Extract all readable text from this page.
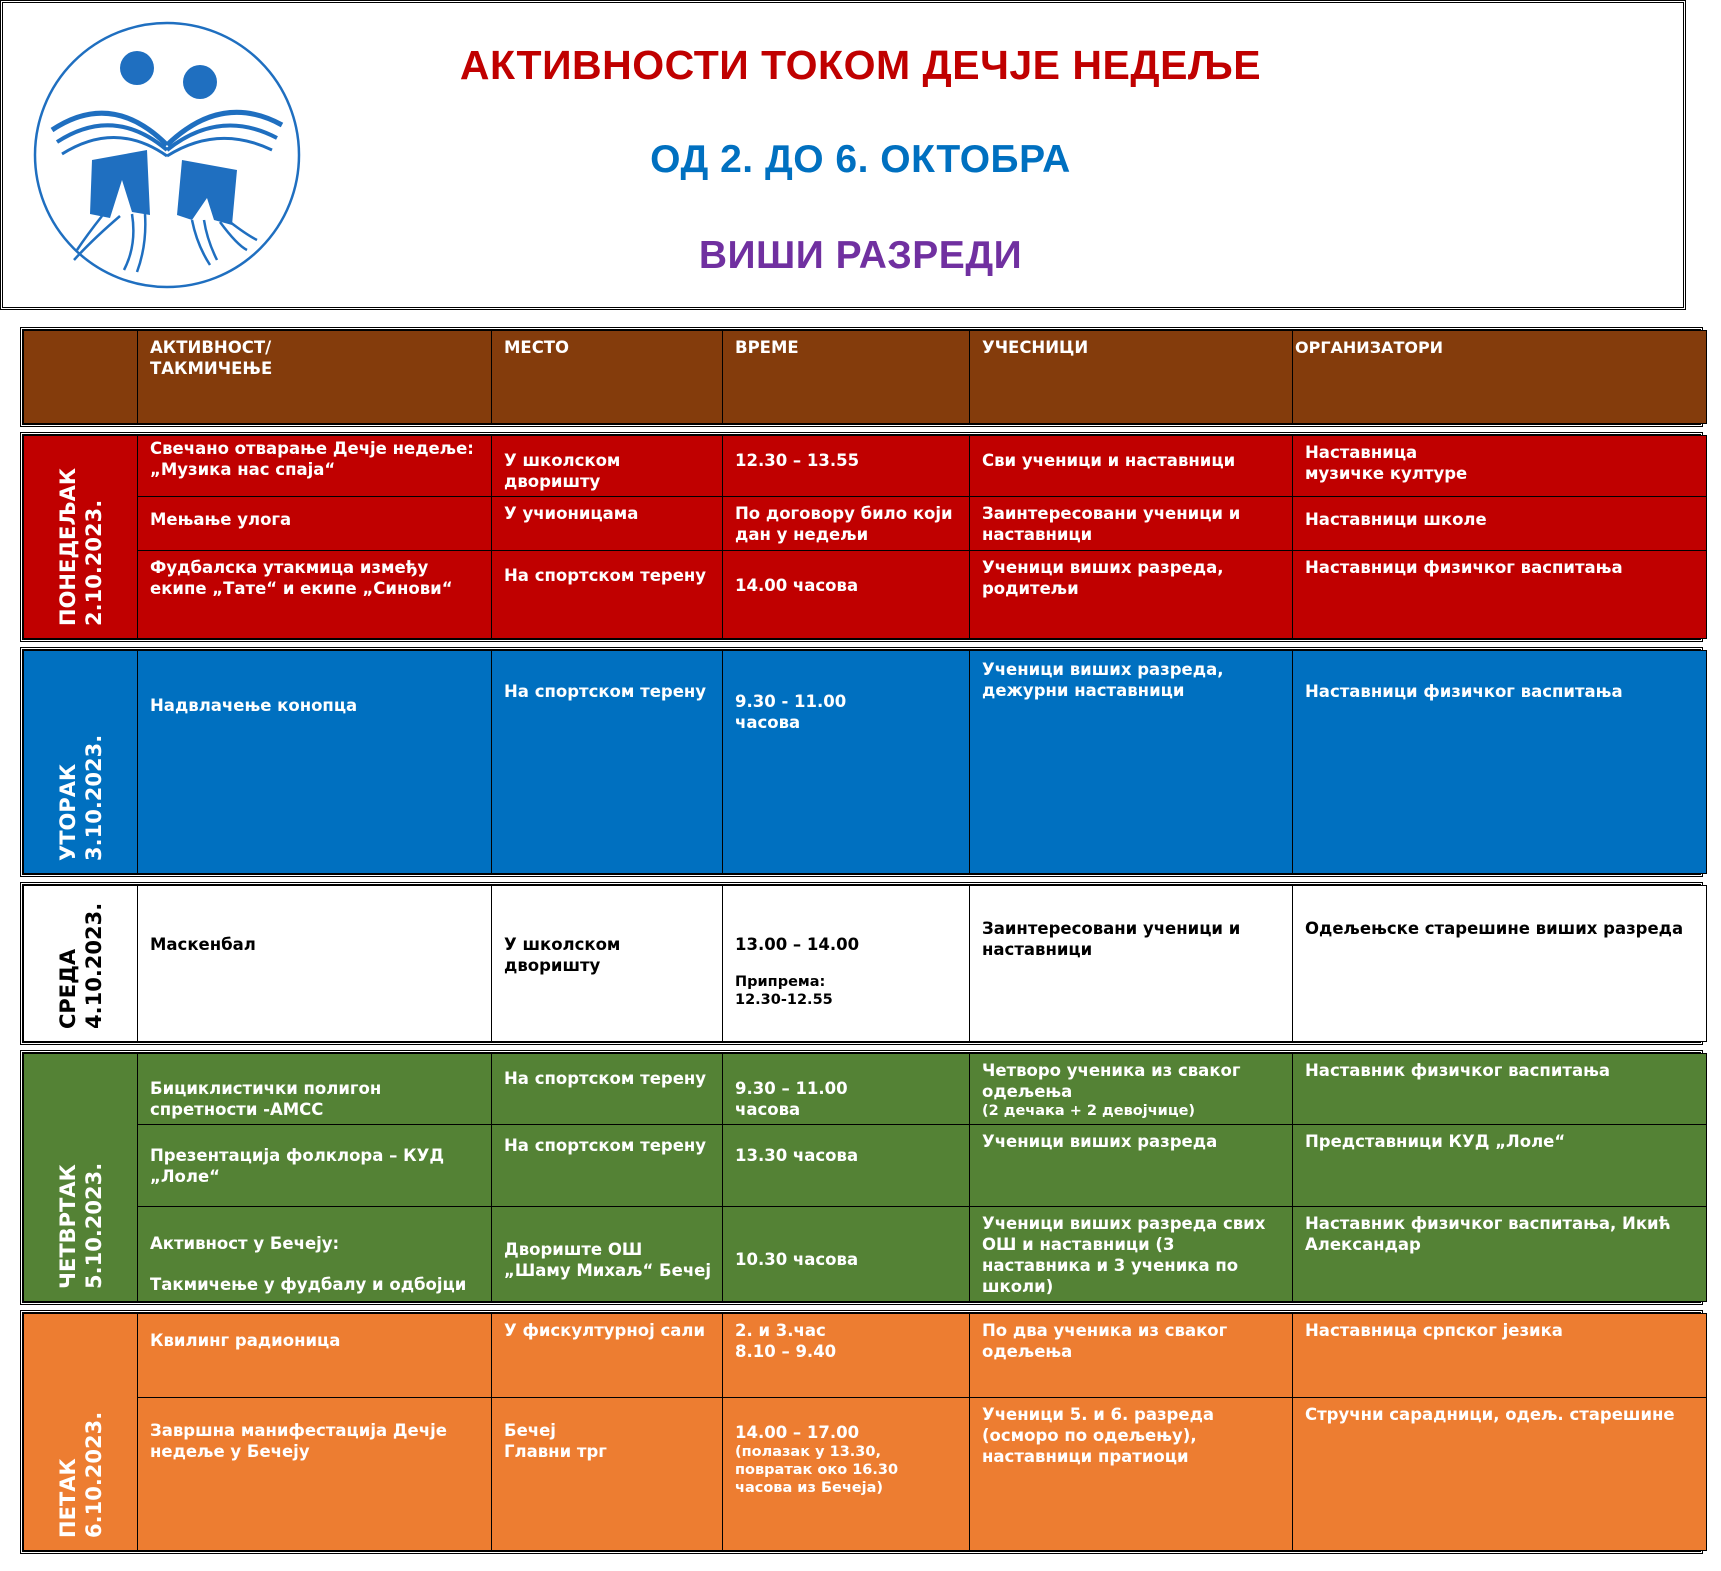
АКТИВНОСТИ ТОКОМ ДЕЧЈЕ НЕДЕЉЕ
ОД 2. ДО 6. ОКТОБРА
ВИШИ РАЗРЕДИ
	АКТИВНОСТ/
ТАКМИЧЕЊЕ	МЕСТО	ВРЕМЕ	УЧЕСНИЦИ	ОРГАНИЗАТОРИ
ПОНЕДЕЉАК
2.10.2023.	Свечано отварање Дечје недеље: „Музика нас спаја“	У школском дворишту	12.30 – 13.55	Сви ученици и наставници	Наставница
музичке културе
	Мењање улога	У учионицама	По договору било који дан у недељи	Заинтересовани ученици и наставници	Наставници школе
	Фудбалска утакмица између екипе „Тате“ и екипе „Синови“	На спортском терену	14.00 часова	Ученици виших разреда, родитељи	Наставници физичког васпитања
УТОРАК
3.10.2023.
	Надвлачење конопца	На спортском терену	9.30 - 11.00
часова	Ученици виших разреда, дежурни наставници	Наставници физичког васпитања
СРЕДА
4.10.2023.	Маскенбал	У школском дворишту	13.00 – 14.00
Припрема:
12.30-12.55
	Заинтересовани ученици и наставници	Одељењске старешине виших разреда
ЧЕТВРТАК
5.10.2023.	Бициклистички полигон спретности -АМСС	На спортском терену	9.30 – 11.00
часова	Четворо ученика из сваког одељења
(2 дечака + 2 девојчице)	Наставник физичког васпитања
	Презентација фолклора – КУД „Лоле“	На спортском терену	13.30 часова	Ученици виших разреда	Представници КУД „Лоле“
	Активност у Бечеју:
Такмичење у фудбалу и одбојци	Двориште ОШ „Шаму Михаљ“ Бечеј	10.30 часова	Ученици виших разреда свих ОШ и наставници (3 наставника и 3 ученика по школи)	Наставник физичког васпитања, Икић Александар
ПЕТАК
6.10.2023.	Квилинг радионица	У фискултурној сали	2. и 3.час
8.10 – 9.40	По два ученика из сваког одељења	Наставница српског језика
	Завршна манифестација Дечје недеље у Бечеју	Бечеј
Главни трг	14.00 – 17.00
(полазак у 13.30, повратак око 16.30 часова из Бечеја)	Ученици 5. и 6. разреда (осморо по одељењу), наставници пратиоци	Стручни сарадници, одељ. старешине
